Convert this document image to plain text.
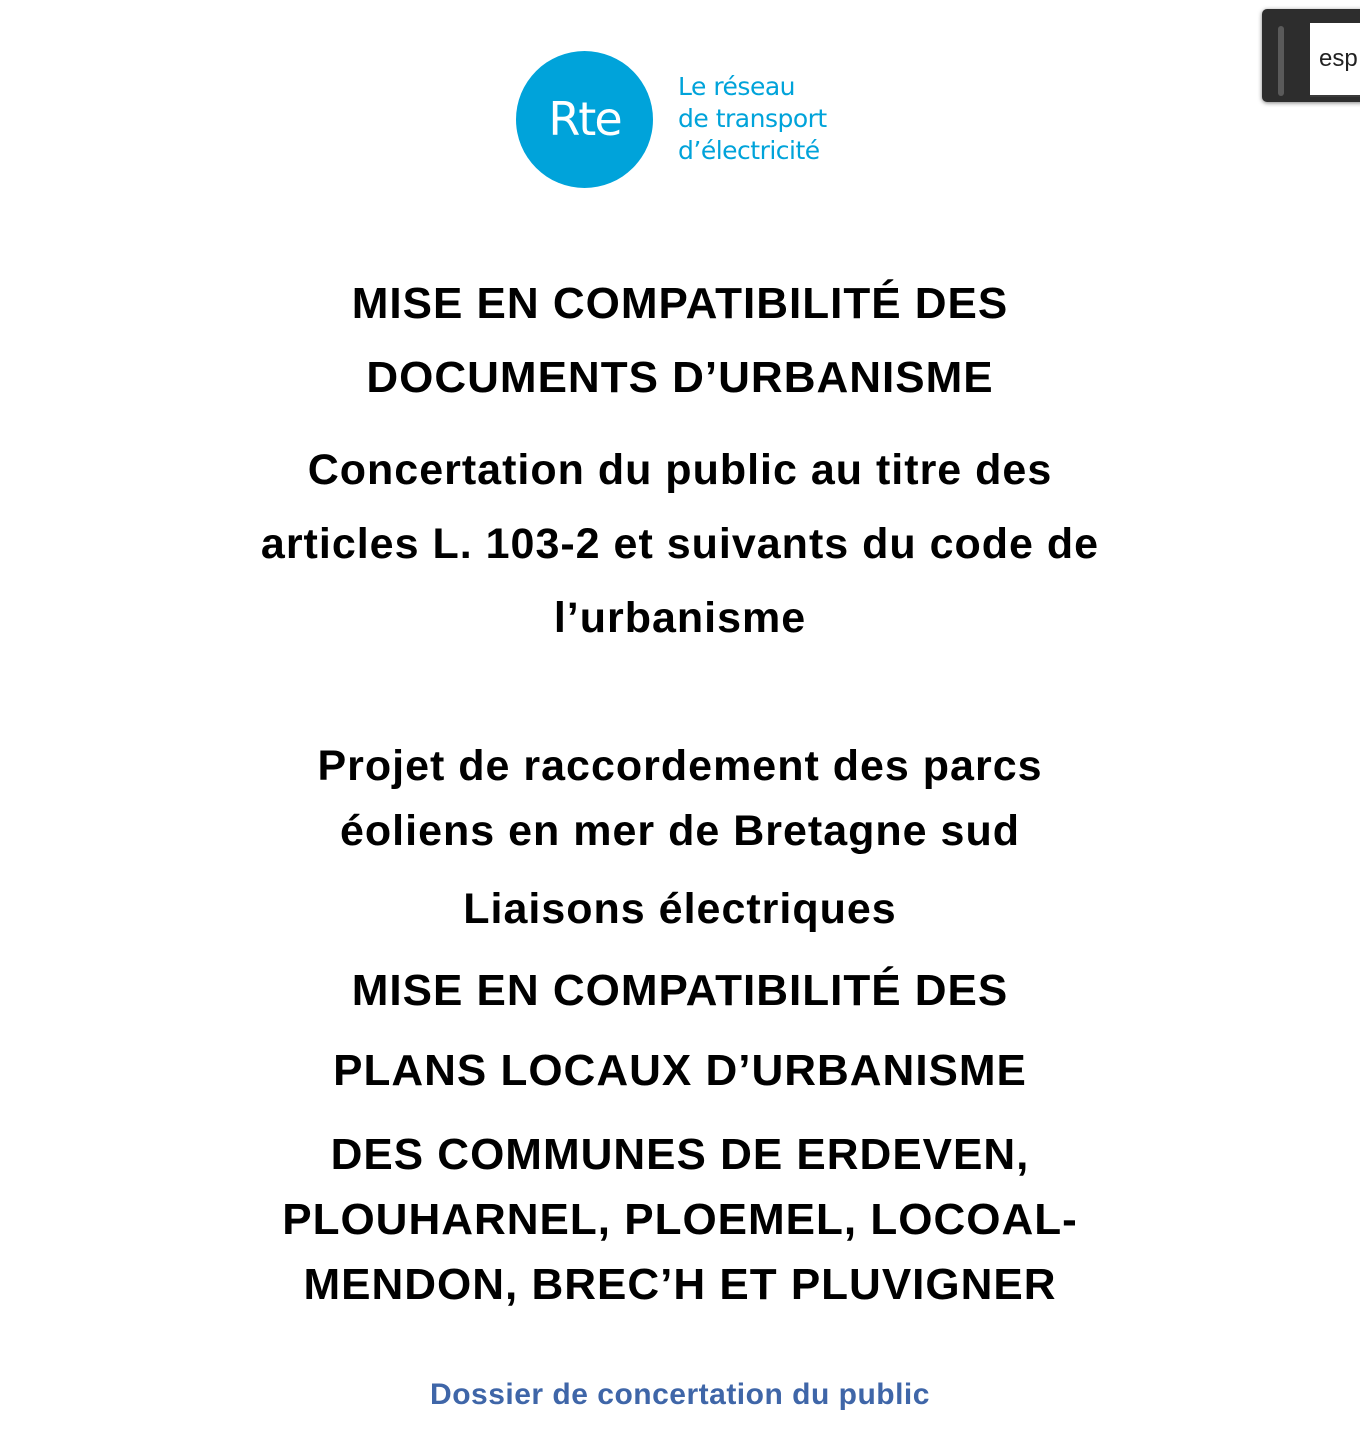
Rte
Le réseau
de transport
d’électricité
esp
MISE EN COMPATIBILITÉ DES
DOCUMENTS D’URBANISME
Concertation du public au titre des
articles L. 103-2 et suivants du code de
l’urbanisme
Projet de raccordement des parcs
éoliens en mer de Bretagne sud
Liaisons électriques
MISE EN COMPATIBILITÉ DES
PLANS LOCAUX D’URBANISME
DES COMMUNES DE ERDEVEN,
PLOUHARNEL, PLOEMEL, LOCOAL-
MENDON, BREC’H ET PLUVIGNER
Dossier de concertation du public
